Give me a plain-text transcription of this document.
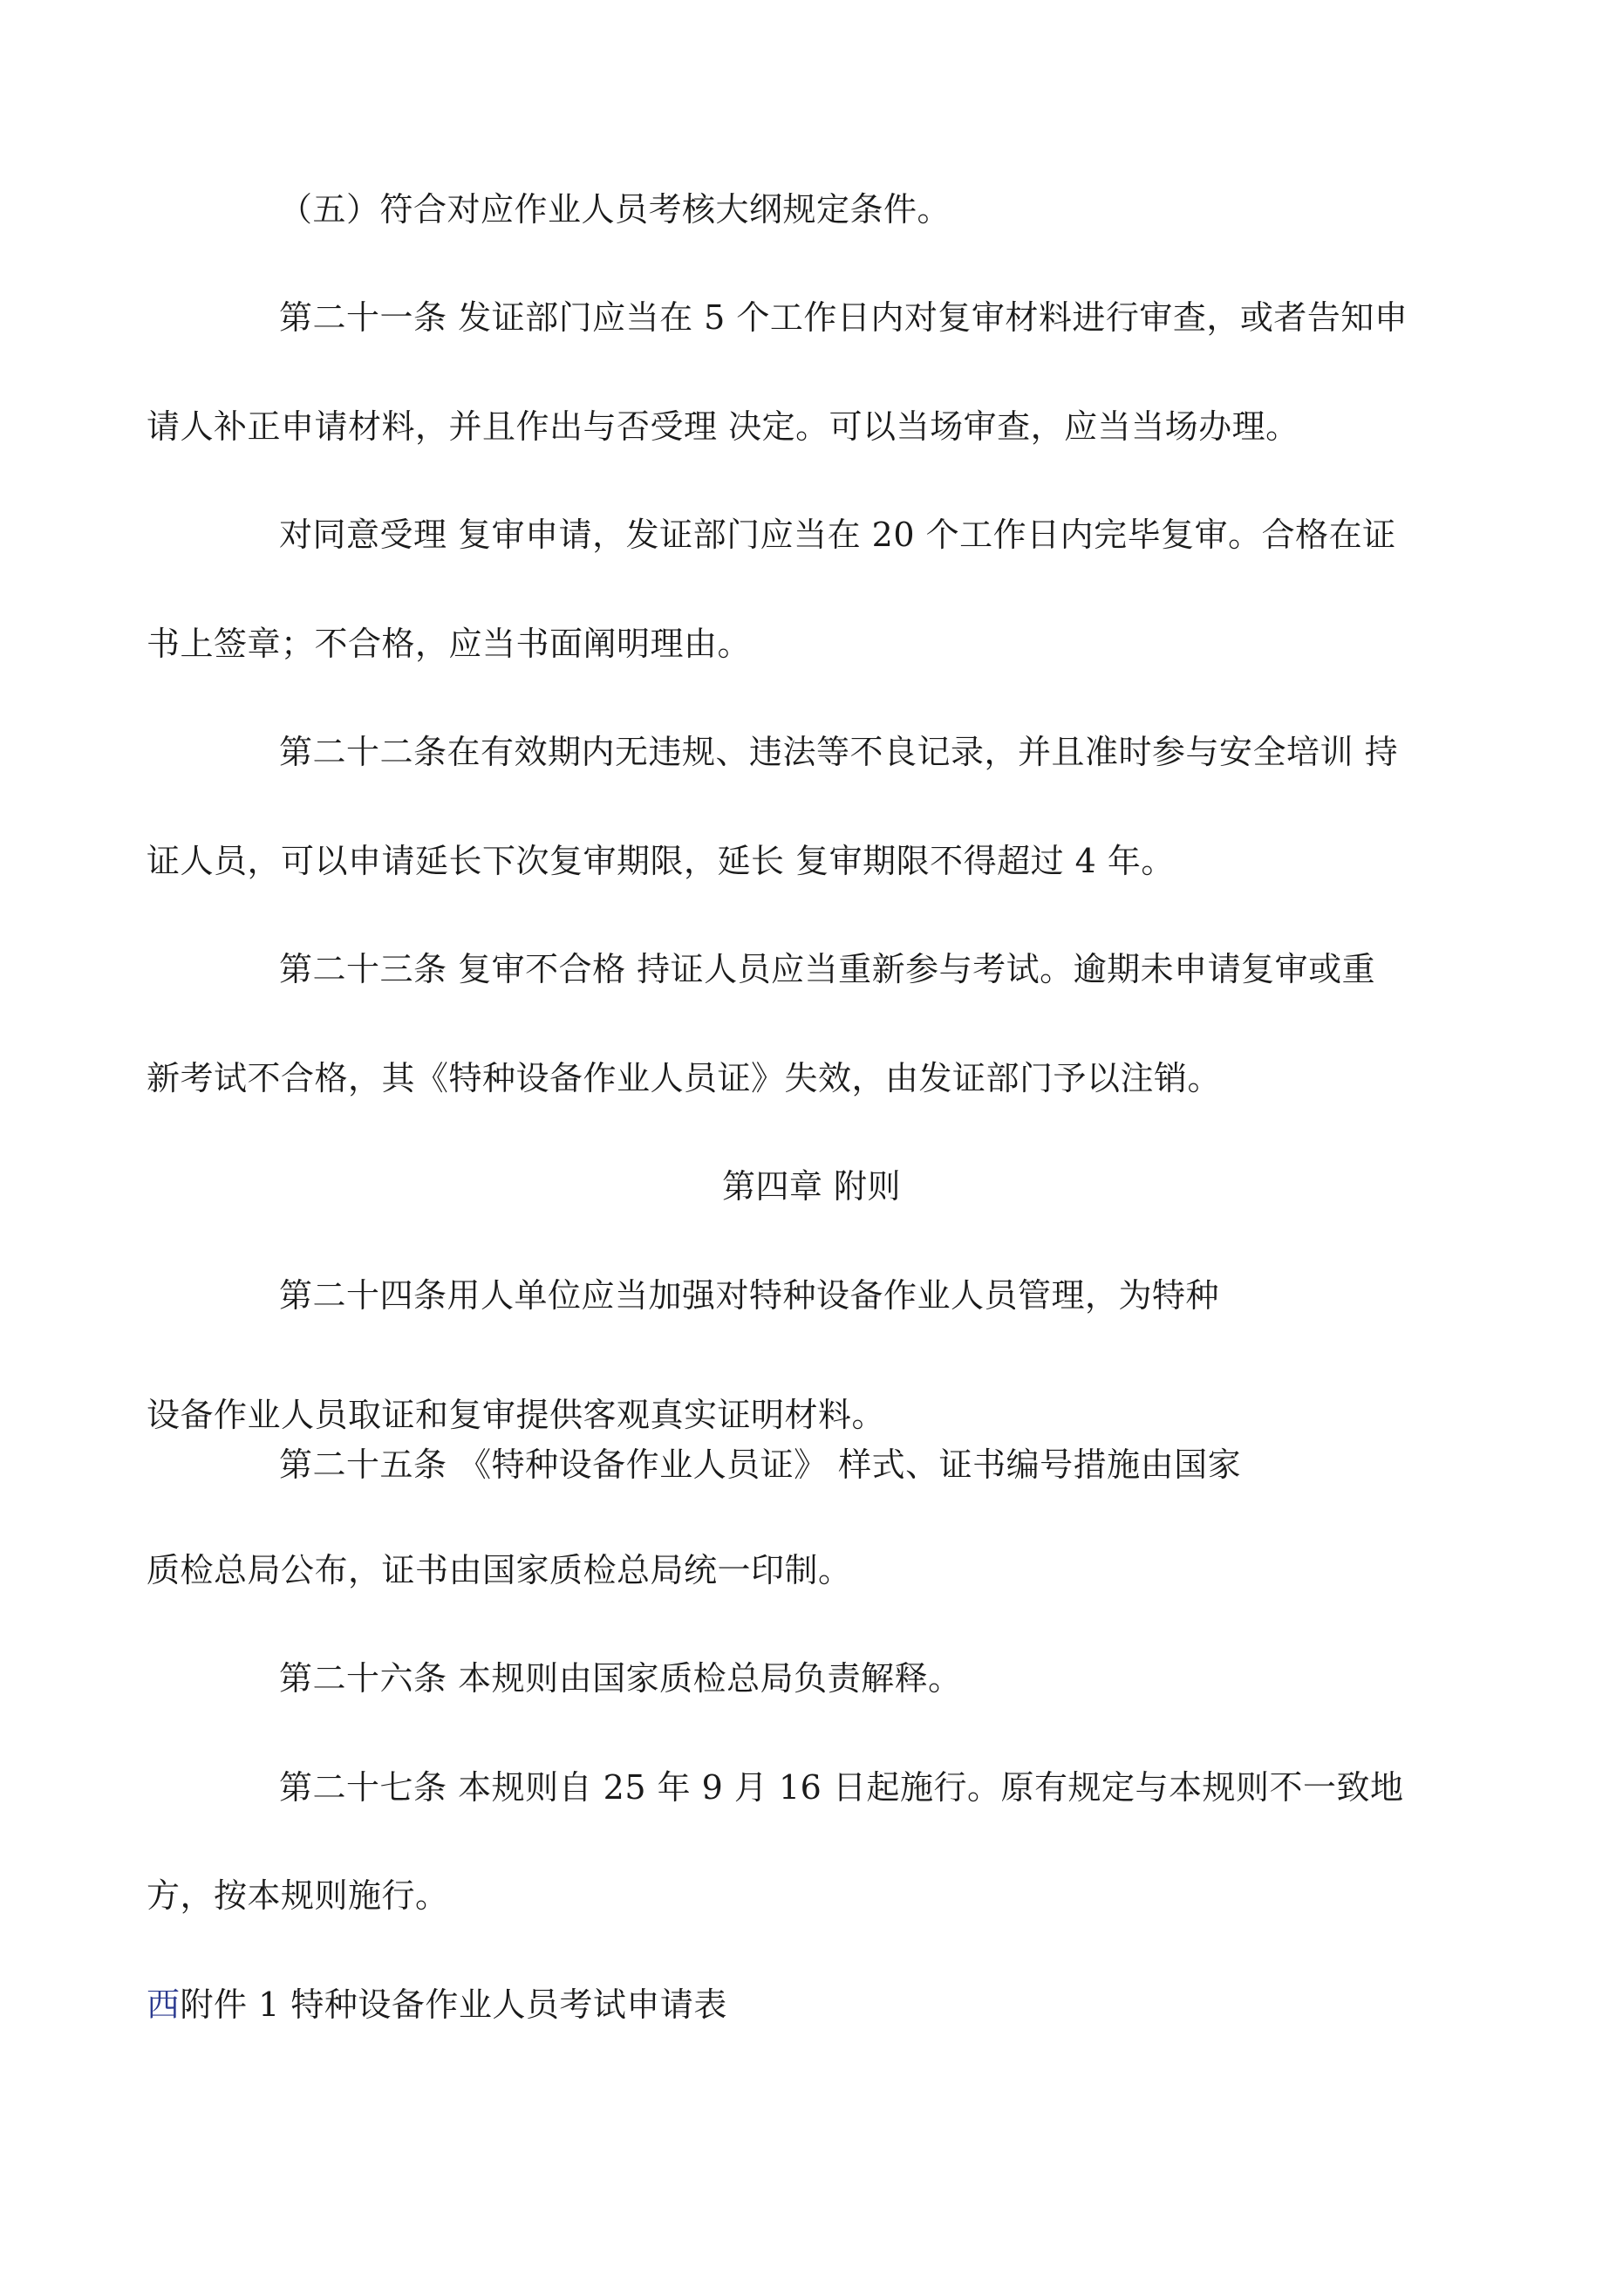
（五）符合对应作业人员考核大纲规定条件。
第二十一条 发证部门应当在 5 个工作日内对复审材料进行审查，或者告知申
请人补正申请材料，并且作出与否受理 决定。可以当场审查，应当当场办理。
对同意受理 复审申请，发证部门应当在 20 个工作日内完毕复审。合格在证
书上签章；不合格，应当书面阐明理由。
第二十二条在有效期内无违规、违法等不良记录，并且准时参与安全培训 持
证人员，可以申请延长下次复审期限，延长 复审期限不得超过 4 年。
第二十三条 复审不合格 持证人员应当重新参与考试。逾期未申请复审或重
新考试不合格，其《特种设备作业人员证》失效，由发证部门予以注销。
第四章 附则
第二十四条用人单位应当加强对特种设备作业人员管理，为特种
设备作业人员取证和复审提供客观真实证明材料。
第二十五条 《特种设备作业人员证》 样式、证书编号措施由国家
质检总局公布，证书由国家质检总局统一印制。
第二十六条 本规则由国家质检总局负责解释。
第二十七条 本规则自 25 年 9 月 16 日起施行。原有规定与本规则不一致地
方，按本规则施行。
西附件 1 特种设备作业人员考试申请表
